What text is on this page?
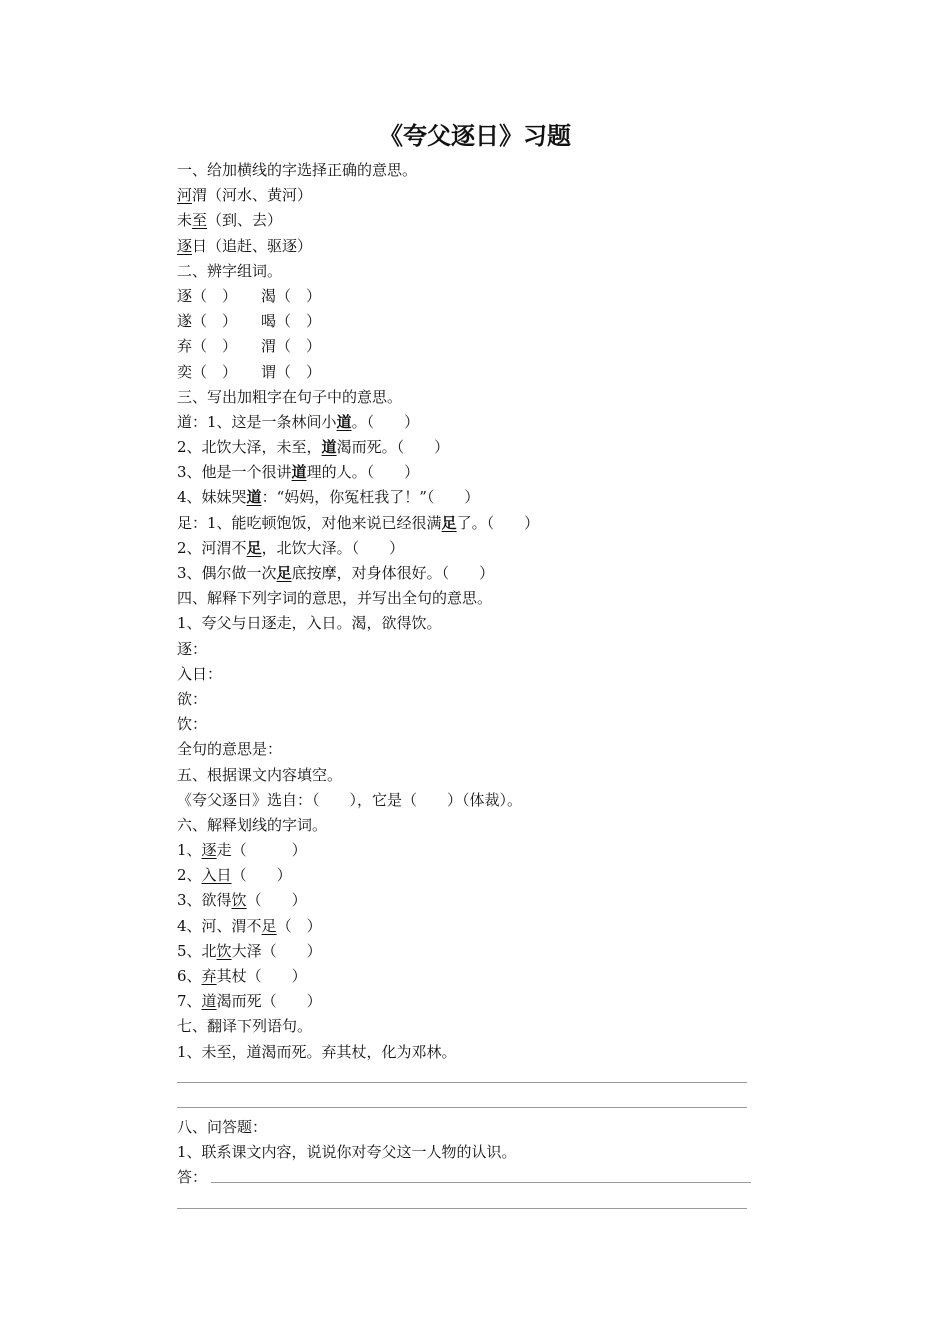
《夸父逐日》习题
一、给加横线的字选择正确的意思。
河渭（河水、黄河）
未至（到、去）
逐日（追赶、驱逐）
二、辨字组词。
逐（　）	渴（　）
遂（　）	喝（　）
弃（　）	渭（　）
奕（　）	谓（　）
三、写出加粗字在句子中的意思。
道：1、这是一条林间小道。（　　）
2、北饮大泽，未至，道渴而死。（　　）
3、他是一个很讲道理的人。（　　）
4、妹妹哭道：“妈妈，你冤枉我了！”（　　）
足：1、能吃顿饱饭，对他来说已经很满足了。（　　）
2、河渭不足，北饮大泽。（　　）
3、偶尔做一次足底按摩，对身体很好。（　　）
四、解释下列字词的意思，并写出全句的意思。
1、夸父与日逐走，入日。渴，欲得饮。
逐：
入日：
欲：
饮：
全句的意思是：
五、根据课文内容填空。
《夸父逐日》选自：（　　），它是（　　）（体裁）。
六、解释划线的字词。
1、逐走（　　　）
2、入日（　　）
3、欲得饮（　　）
4、河、渭不足（　）
5、北饮大泽（　　）
6、弃其杖（　　）
7、道渴而死（　　）
七、翻译下列语句。
1、未至，道渴而死。弃其杖，化为邓林。
八、问答题：
1、联系课文内容，说说你对夸父这一人物的认识。
答：
